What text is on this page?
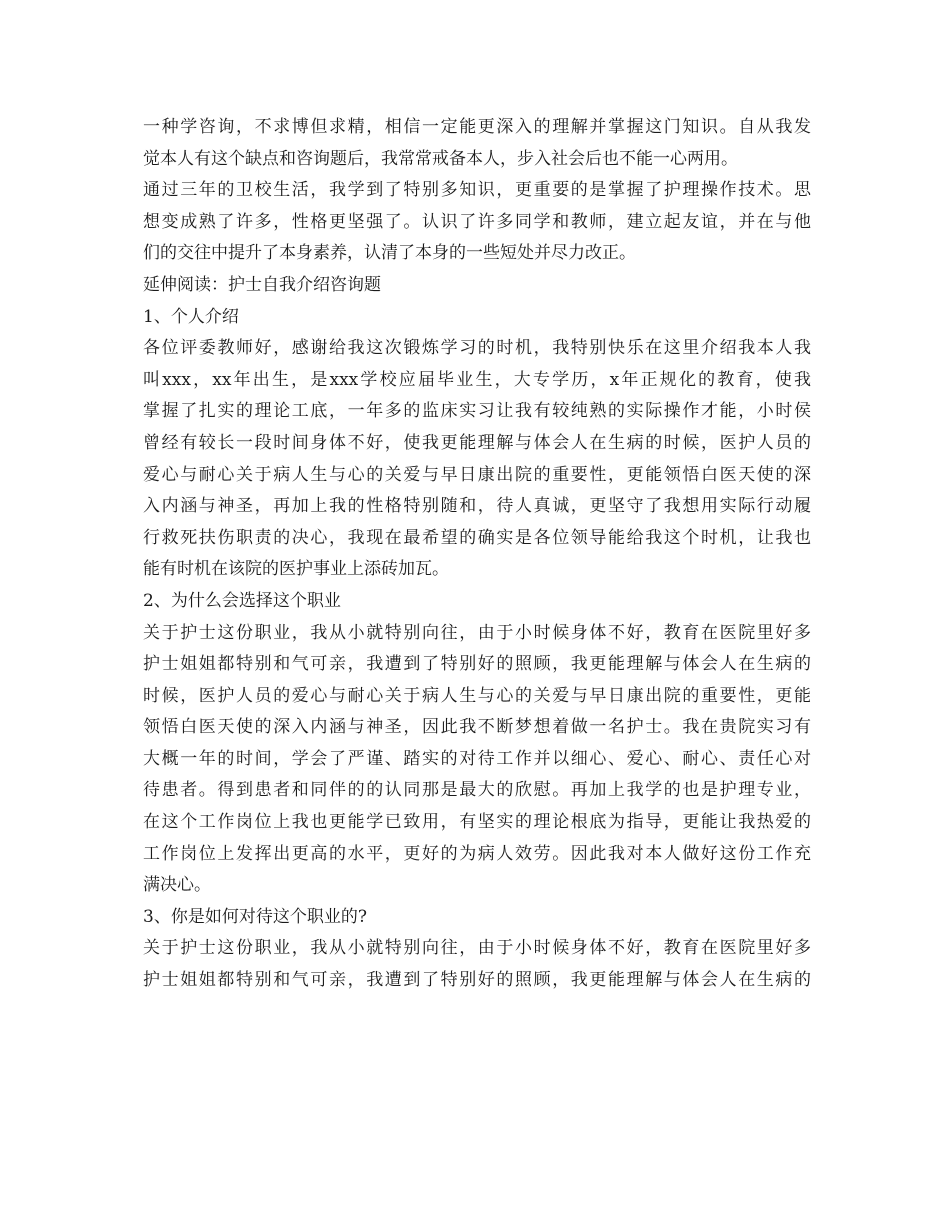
一种学咨询，不求博但求精，相信一定能更深入的理解并掌握这门知识。自从我发
觉本人有这个缺点和咨询题后，我常常戒备本人，步入社会后也不能一心两用。
通过三年的卫校生活，我学到了特别多知识，更重要的是掌握了护理操作技术。思
想变成熟了许多，性格更坚强了。认识了许多同学和教师，建立起友谊，并在与他
们的交往中提升了本身素养，认清了本身的一些短处并尽力改正。
延伸阅读：护士自我介绍咨询题
1、个人介绍
各位评委教师好，感谢给我这次锻炼学习的时机，我特别快乐在这里介绍我本人我
叫xxx，xx年出生，是xxx学校应届毕业生，大专学历，x年正规化的教育，使我
掌握了扎实的理论工底，一年多的监床实习让我有较纯熟的实际操作才能，小时侯
曾经有较长一段时间身体不好，使我更能理解与体会人在生病的时候，医护人员的
爱心与耐心关于病人生与心的关爱与早日康出院的重要性，更能领悟白医天使的深
入内涵与神圣，再加上我的性格特别随和，待人真诚，更坚守了我想用实际行动履
行救死扶伤职责的决心，我现在最希望的确实是各位领导能给我这个时机，让我也
能有时机在该院的医护事业上添砖加瓦。
2、为什么会选择这个职业
关于护士这份职业，我从小就特别向往，由于小时候身体不好，教育在医院里好多
护士姐姐都特别和气可亲，我遭到了特别好的照顾，我更能理解与体会人在生病的
时候，医护人员的爱心与耐心关于病人生与心的关爱与早日康出院的重要性，更能
领悟白医天使的深入内涵与神圣，因此我不断梦想着做一名护士。我在贵院实习有
大概一年的时间，学会了严谨、踏实的对待工作并以细心、爱心、耐心、责任心对
待患者。得到患者和同伴的的认同那是最大的欣慰。再加上我学的也是护理专业，
在这个工作岗位上我也更能学已致用，有坚实的理论根底为指导，更能让我热爱的
工作岗位上发挥出更高的水平，更好的为病人效劳。因此我对本人做好这份工作充
满决心。
3、你是如何对待这个职业的?
关于护士这份职业，我从小就特别向往，由于小时候身体不好，教育在医院里好多
护士姐姐都特别和气可亲，我遭到了特别好的照顾，我更能理解与体会人在生病的
